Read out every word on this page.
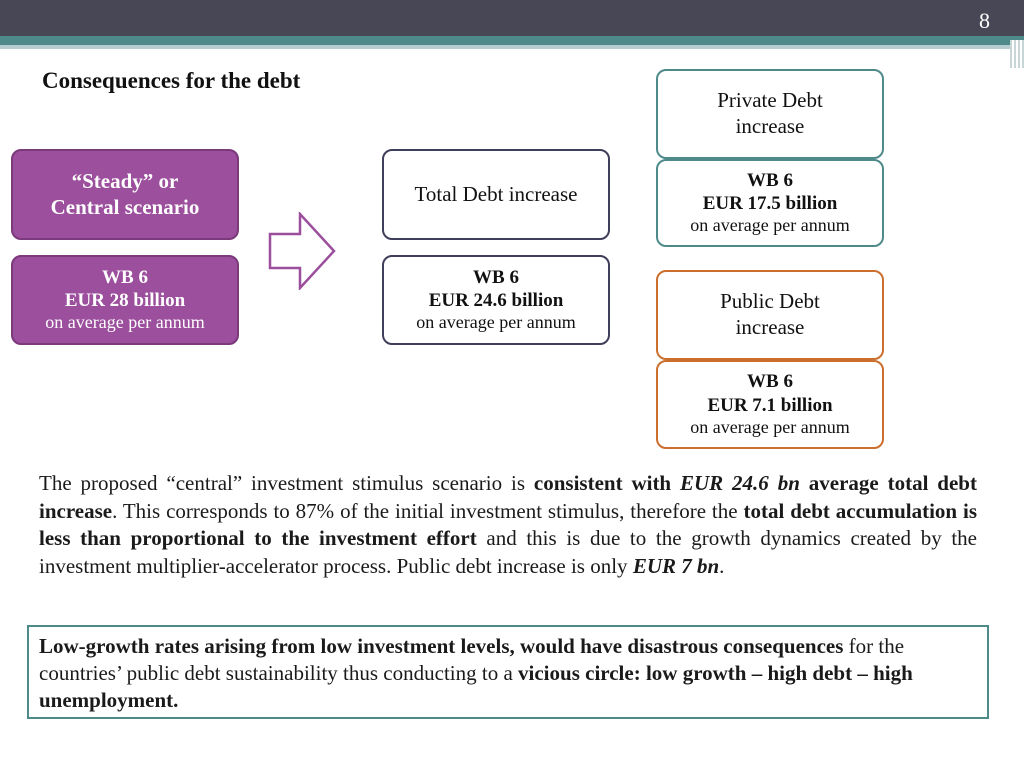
8
Consequences for the debt
“Steady” or
Central scenario
WB 6
EUR 28 billion
on average per annum
Total Debt increase
WB 6
EUR 24.6 billion
on average per annum
Private Debt
increase
WB 6
EUR 17.5 billion
on average per annum
Public Debt
increase
WB 6
EUR 7.1 billion
on average per annum
The proposed “central” investment stimulus scenario is consistent with EUR 24.6 bn average total debt increase. This corresponds to 87% of the initial investment stimulus, therefore the total debt accumulation is less than proportional to the investment effort and this is due to the growth dynamics created by the investment multiplier-accelerator process. Public debt increase is only EUR 7 bn.
Low-growth rates arising from low investment levels, would have disastrous consequences for the countries’ public debt sustainability thus conducting to a vicious circle: low growth – high debt – high unemployment.
